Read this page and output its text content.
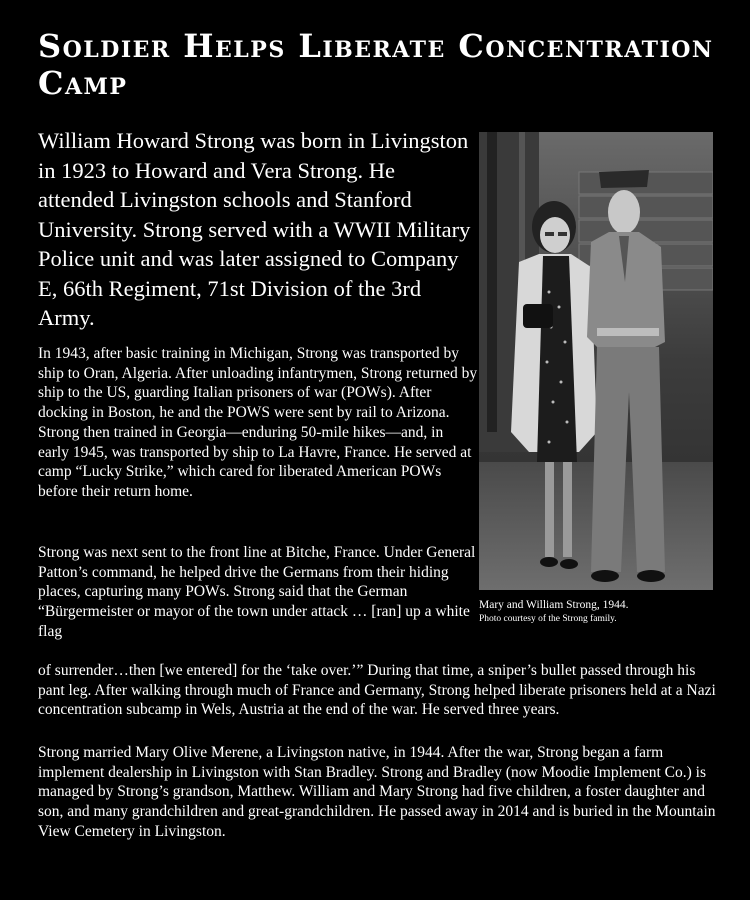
Soldier Helps Liberate Concentration Camp

William Howard Strong was born in Livingston in 1923 to Howard and Vera Strong. He attended Livingston schools and Stanford University. Strong served with a WWII Military Police unit and was later assigned to Company E, 66th Regiment, 71st Division of the 3rd Army.

Mary and William Strong, 1944.
Photo courtesy of the Strong family.

In 1943, after basic training in Michigan, Strong was transported by ship to Oran, Algeria. After unloading infantrymen, Strong returned by ship to the US, guarding Italian prisoners of war (POWs). After docking in Boston, he and the POWS were sent by rail to Arizona. Strong then trained in Georgia—enduring 50-mile hikes—and, in early 1945, was transported by ship to La Havre, France. He served at camp “Lucky Strike,” which cared for liberated American POWs before their return home.

Strong was next sent to the front line at Bitche, France. Under General Patton’s command, he helped drive the Germans from their hiding places, capturing many POWs. Strong said that the German “Bürgermeister or mayor of the town under attack … [ran] up a white flag

of surrender…then [we entered] for the ‘take over.’” During that time, a sniper’s bullet passed through his pant leg. After walking through much of France and Germany, Strong helped liberate prisoners held at a Nazi concentration subcamp in Wels, Austria at the end of the war. He served three years.

Strong married Mary Olive Merene, a Livingston native, in 1944. After the war, Strong began a farm implement dealership in Livingston with Stan Bradley. Strong and Bradley (now Moodie Implement Co.) is managed by Strong’s grandson, Matthew. William and Mary Strong had five children, a foster daughter and son, and many grandchildren and great-grandchildren. He passed away in 2014 and is buried in the Mountain View Cemetery in Livingston.
